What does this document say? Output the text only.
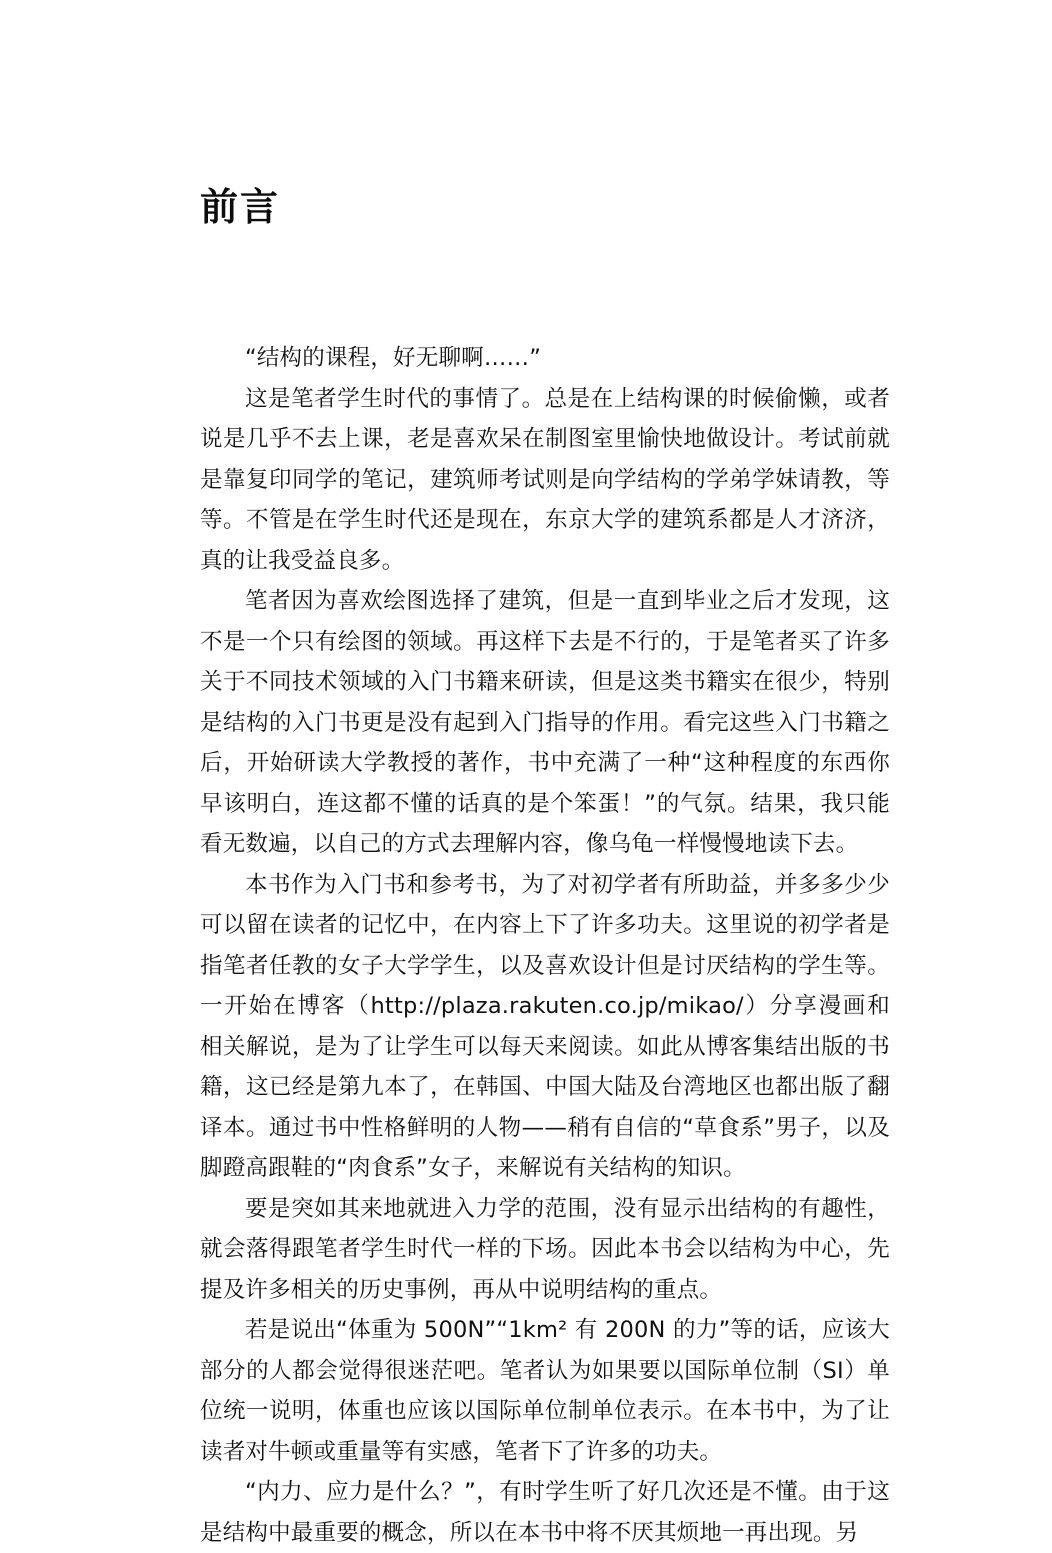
前言

“结构的课程，好无聊啊……”

这是笔者学生时代的事情了。总是在上结构课的时候偷懒，或者说是几乎不去上课，老是喜欢呆在制图室里愉快地做设计。考试前就是靠复印同学的笔记，建筑师考试则是向学结构的学弟学妹请教，等等。不管是在学生时代还是现在，东京大学的建筑系都是人才济济，真的让我受益良多。

笔者因为喜欢绘图选择了建筑，但是一直到毕业之后才发现，这不是一个只有绘图的领域。再这样下去是不行的，于是笔者买了许多关于不同技术领域的入门书籍来研读，但是这类书籍实在很少，特别是结构的入门书更是没有起到入门指导的作用。看完这些入门书籍之后，开始研读大学教授的著作，书中充满了一种“这种程度的东西你早该明白，连这都不懂的话真的是个笨蛋！”的气氛。结果，我只能看无数遍，以自己的方式去理解内容，像乌龟一样慢慢地读下去。

本书作为入门书和参考书，为了对初学者有所助益，并多多少少可以留在读者的记忆中，在内容上下了许多功夫。这里说的初学者是指笔者任教的女子大学学生，以及喜欢设计但是讨厌结构的学生等。一开始在博客（http://plaza.rakuten.co.jp/mikao/）分享漫画和相关解说，是为了让学生可以每天来阅读。如此从博客集结出版的书籍，这已经是第九本了，在韩国、中国大陆及台湾地区也都出版了翻译本。通过书中性格鲜明的人物——稍有自信的“草食系”男子，以及脚蹬高跟鞋的“肉食系”女子，来解说有关结构的知识。

要是突如其来地就进入力学的范围，没有显示出结构的有趣性，就会落得跟笔者学生时代一样的下场。因此本书会以结构为中心，先提及许多相关的历史事例，再从中说明结构的重点。

若是说出“体重为 500N”“1km² 有 200N 的力”等的话，应该大部分的人都会觉得很迷茫吧。笔者认为如果要以国际单位制（SI）单位统一说明，体重也应该以国际单位制单位表示。在本书中，为了让读者对牛顿或重量等有实感，笔者下了许多的功夫。

“内力、应力是什么？”，有时学生听了好几次还是不懂。由于这是结构中最重要的概念，所以在本书中将不厌其烦地一再出现。另
